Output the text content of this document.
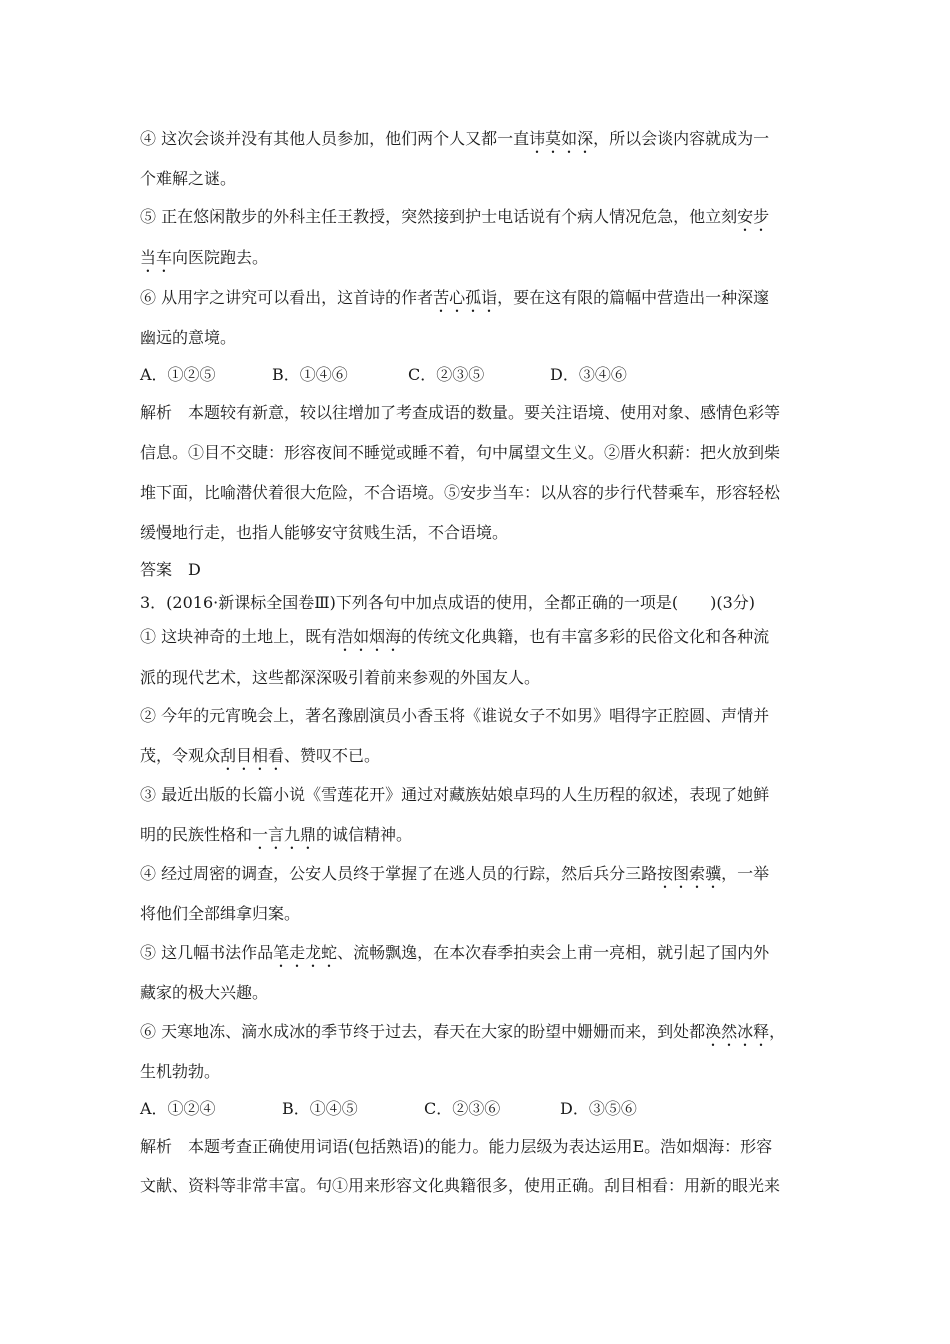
④ 这次会谈并没有其他人员参加，他们两个人又都一直讳莫如深，所以会谈内容就成为一
个难解之谜。
⑤ 正在悠闲散步的外科主任王教授，突然接到护士电话说有个病人情况危急，他立刻安步
当车向医院跑去。
⑥ 从用字之讲究可以看出，这首诗的作者苦心孤诣，要在这有限的篇幅中营造出一种深邃
幽远的意境。
A．①②⑤	B．①④⑥	C．②③⑤	D．③④⑥
解析　本题较有新意，较以往增加了考查成语的数量。要关注语境、使用对象、感情色彩等
信息。①目不交睫：形容夜间不睡觉或睡不着，句中属望文生义。②厝火积薪：把火放到柴
堆下面，比喻潜伏着很大危险，不合语境。⑤安步当车：以从容的步行代替乘车，形容轻松
缓慢地行走，也指人能够安守贫贱生活，不合语境。
答案　D
3．(2016·新课标全国卷Ⅲ)下列各句中加点成语的使用，全都正确的一项是(　　)(3分)
① 这块神奇的土地上，既有浩如烟海的传统文化典籍，也有丰富多彩的民俗文化和各种流
派的现代艺术，这些都深深吸引着前来参观的外国友人。
② 今年的元宵晚会上，著名豫剧演员小香玉将《谁说女子不如男》唱得字正腔圆、声情并
茂，令观众刮目相看、赞叹不已。
③ 最近出版的长篇小说《雪莲花开》通过对藏族姑娘卓玛的人生历程的叙述，表现了她鲜
明的民族性格和一言九鼎的诚信精神。
④ 经过周密的调查，公安人员终于掌握了在逃人员的行踪，然后兵分三路按图索骥，一举
将他们全部缉拿归案。
⑤ 这几幅书法作品笔走龙蛇、流畅飘逸，在本次春季拍卖会上甫一亮相，就引起了国内外
藏家的极大兴趣。
⑥ 天寒地冻、滴水成冰的季节终于过去，春天在大家的盼望中姗姗而来，到处都涣然冰释，
生机勃勃。
A．①②④	B．①④⑤	C．②③⑥	D．③⑤⑥
解析　本题考查正确使用词语(包括熟语)的能力。能力层级为表达运用E。浩如烟海：形容
文献、资料等非常丰富。句①用来形容文化典籍很多，使用正确。刮目相看：用新的眼光来
